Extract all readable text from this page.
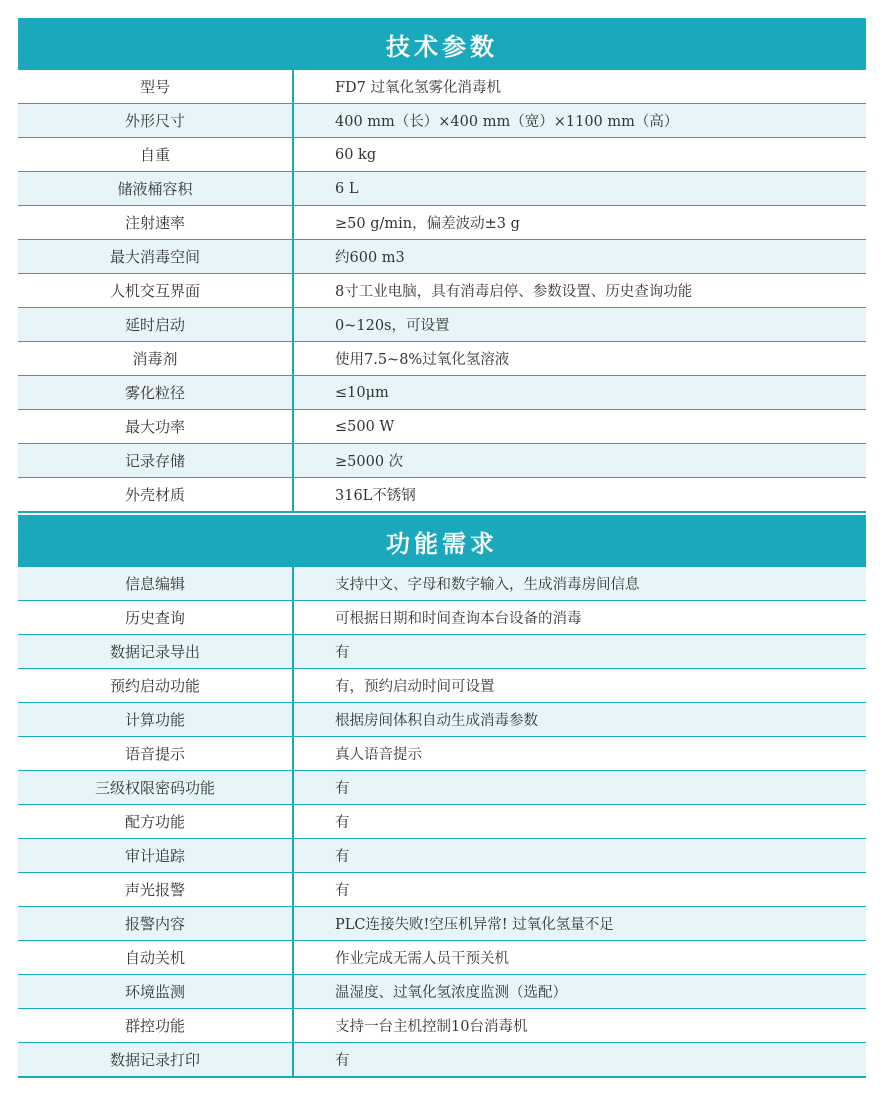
技术参数
型号	FD7 过氧化氢雾化消毒机
外形尺寸	400 mm（长）×400 mm（宽）×1100 mm（高）
自重	60 kg
储液桶容积	6 L
注射速率	≥50 g/min，偏差波动±3 g
最大消毒空间	约600 m3
人机交互界面	8寸工业电脑，具有消毒启停、参数设置、历史查询功能
延时启动	0~120s，可设置
消毒剂	使用7.5~8%过氧化氢溶液
雾化粒径	≤10μm
最大功率	≤500 W
记录存储	≥5000 次
外壳材质	316L不锈钢
功能需求
信息编辑	支持中文、字母和数字输入，生成消毒房间信息
历史查询	可根据日期和时间查询本台设备的消毒
数据记录导出	有
预约启动功能	有，预约启动时间可设置
计算功能	根据房间体积自动生成消毒参数
语音提示	真人语音提示
三级权限密码功能	有
配方功能	有
审计追踪	有
声光报警	有
报警内容	PLC连接失败!空压机异常! 过氧化氢量不足
自动关机	作业完成无需人员干预关机
环境监测	温湿度、过氧化氢浓度监测（选配）
群控功能	支持一台主机控制10台消毒机
数据记录打印	有
